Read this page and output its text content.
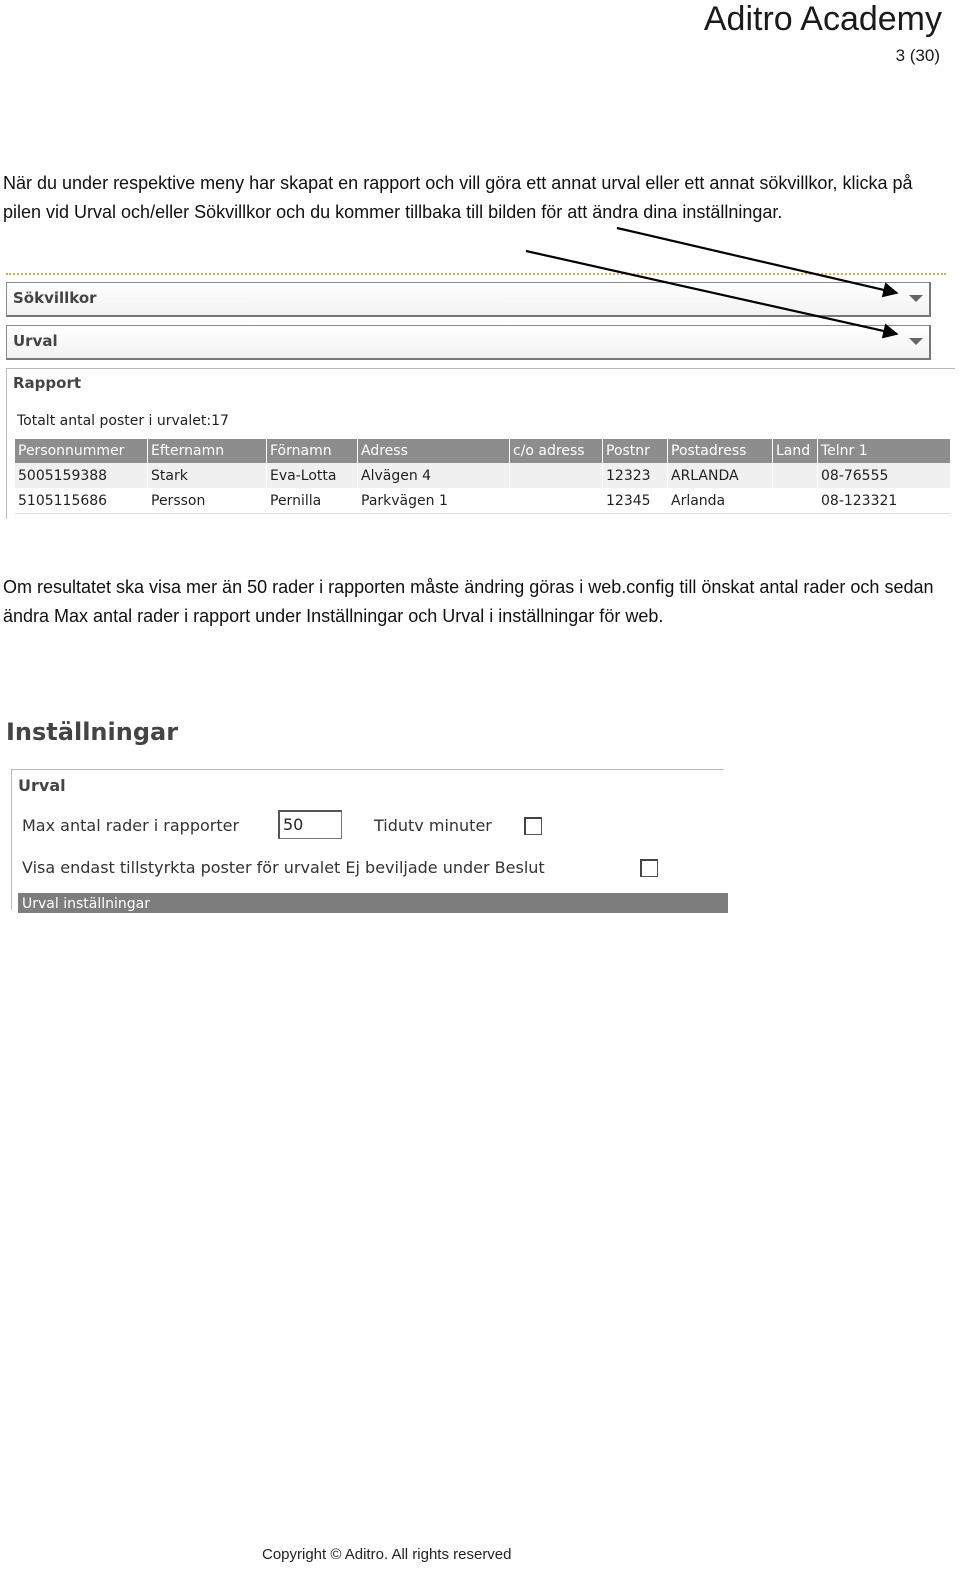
Aditro Academy
3 (30)
När du under respektive meny har skapat en rapport och vill göra ett annat urval eller ett annat sökvillkor, klicka på pilen vid Urval och/eller Sökvillkor och du kommer tillbaka till bilden för att ändra dina inställningar.
Sökvillkor
Urval
Rapport
Totalt antal poster i urvalet:17
Personnummer	Efternamn	Förnamn	Adress	c/o adress	Postnr	Postadress	Land	Telnr 1
5005159388	Stark	Eva-Lotta	Alvägen 4		12323	ARLANDA		08-76555
5105115686	Persson	Pernilla	Parkvägen 1		12345	Arlanda		08-123321
Om resultatet ska visa mer än 50 rader i rapporten måste ändring göras i web.config till önskat antal rader och sedan ändra Max antal rader i rapport under Inställningar och Urval i inställningar för web.
Inställningar
Urval
Max antal rader i rapporter	50	Tidutv minuter
Visa endast tillstyrkta poster för urvalet Ej beviljade under Beslut
Urval inställningar
Copyright © Aditro. All rights reserved
